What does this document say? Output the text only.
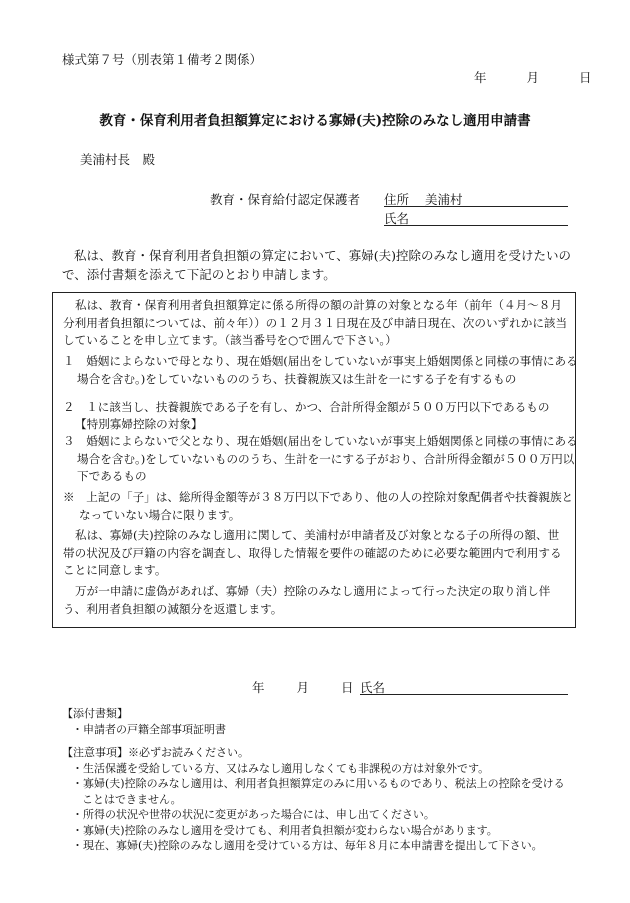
様式第７号（別表第１備考２関係）
年	月	日
教育・保育利用者負担額算定における寡婦(夫)控除のみなし適用申請書
美浦村長　殿
教育・保育給付認定保護者 住所 美浦村
氏名
私は、教育・保育利用者負担額の算定において、寡婦(夫)控除のみなし適用を受けたいので、添付書類を添えて下記のとおり申請します。

私は、教育・保育利用者負担額算定に係る所得の額の計算の対象となる年（前年（４月～８月分利用者負担額については、前々年））の１２月３１日現在及び申請日現在、次のいずれかに該当していることを申し立てます。（該当番号を○で囲んで下さい。）

１　婚姻によらないで母となり、現在婚姻(届出をしていないが事実上婚姻関係と同様の事情にある場合を含む。)をしていないもののうち、扶養親族又は生計を一にする子を有するもの

２　１に該当し、扶養親族である子を有し、かつ、合計所得金額が５００万円以下であるもの

【特別寡婦控除の対象】

３　婚姻によらないで父となり、現在婚姻(届出をしていないが事実上婚姻関係と同様の事情にある場合を含む。)をしていないもののうち、生計を一にする子がおり、合計所得金額が５００万円以下であるもの

※　上記の「子」は、総所得金額等が３８万円以下であり、他の人の控除対象配偶者や扶養親族となっていない場合に限ります。

私は、寡婦(夫)控除のみなし適用に関して、美浦村が申請者及び対象となる子の所得の額、世帯の状況及び戸籍の内容を調査し、取得した情報を要件の確認のために必要な範囲内で利用することに同意します。

万が一申請に虚偽があれば、寡婦（夫）控除のみなし適用によって行った決定の取り消し伴う、利用者負担額の減額分を返還します。

年	月	日 氏名
【添付書類】
・申請者の戸籍全部事項証明書
【注意事項】※必ずお読みください。
・生活保護を受給している方、又はみなし適用しなくても非課税の方は対象外です。
・寡婦(夫)控除のみなし適用は、利用者負担額算定のみに用いるものであり、税法上の控除を受けることはできません。
・所得の状況や世帯の状況に変更があった場合には、申し出てください。
・寡婦(夫)控除のみなし適用を受けても、利用者負担額が変わらない場合があります。
・現在、寡婦(夫)控除のみなし適用を受けている方は、毎年８月に本申請書を提出して下さい。
